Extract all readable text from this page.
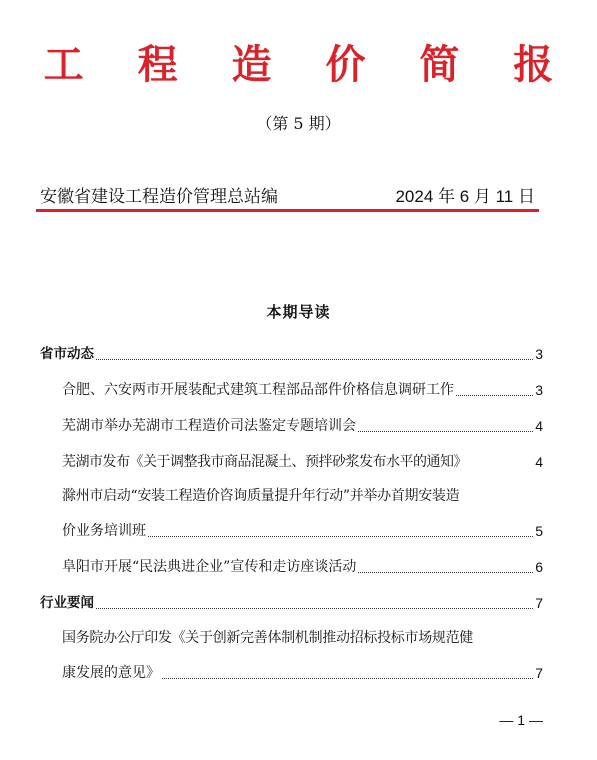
工 程 造 价 简 报
（第 5 期）
安徽省建设工程造价管理总站编	2024 年 6 月 11 日
本期导读
省市动态	3
合肥、六安两市开展装配式建筑工程部品部件价格信息调研工作	3
芜湖市举办芜湖市工程造价司法鉴定专题培训会	4
芜湖市发布《关于调整我市商品混凝土、预拌砂浆发布水平的通知》	4
滁州市启动“安装工程造价咨询质量提升年行动”并举办首期安装造
价业务培训班	5
阜阳市开展“民法典进企业”宣传和走访座谈活动	6
行业要闻	7
国务院办公厅印发《关于创新完善体制机制推动招标投标市场规范健
康发展的意见》	7
— 1 —
